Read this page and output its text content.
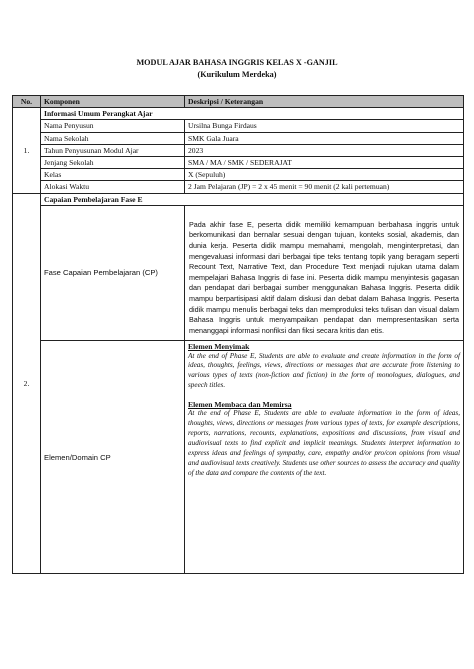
MODUL AJAR BAHASA INGGRIS KELAS X -GANJIL
(Kurikulum Merdeka)
No.	Komponen	Deskripsi / Keterangan
1.	Informasi Umum Perangkat Ajar	
	Nama Penyusun	Ursilna Bunga Firdaus
	Nama Sekolah	SMK Gala Juara
	Tahun Penyusunan Modul Ajar	2023
	Jenjang Sekolah	SMA / MA / SMK / SEDERAJAT
	Kelas	X (Sepuluh)
	Alokasi Waktu	2 Jam Pelajaran (JP) = 2 x 45 menit = 90 menit (2 kali pertemuan)
2.	Capaian Pembelajaran Fase E	
	Fase Capaian Pembelajaran (CP)	Pada akhir fase E, peserta didik memiliki kemampuan berbahasa inggris untuk berkomunikasi dan bernalar sesuai dengan tujuan, konteks sosial, akademis, dan dunia kerja. Peserta didik mampu memahami, mengolah, menginterpretasi, dan mengevaluasi informasi dari berbagai tipe teks tentang topik yang beragam seperti Recount Text, Narrative Text, dan Procedure Text menjadi rujukan utama dalam mempelajari Bahasa Inggris di fase ini. Peserta didik mampu menyintesis gagasan dan pendapat dari berbagai sumber menggunakan Bahasa Inggris. Peserta didik mampu berpartisipasi aktif dalam diskusi dan debat dalam Bahasa Inggris. Peserta didik mampu menulis berbagai teks dan memproduksi teks tulisan dan visual dalam Bahasa Inggris untuk menyampaikan pendapat dan mempresentasikan serta menanggapi informasi nonfiksi dan fiksi secara kritis dan etis.
	Elemen/Domain CP	Elemen Menyimak
At the end of Phase E, Students are able to evaluate and create information in the form of ideas, thoughts, feelings, views, directions or messages that are accurate from listening to various types of texts (non-fiction and fiction) in the form of monologues, dialogues, and speech titles.
Elemen Membaca dan Memirsa
At the end of Phase E, Students are able to evaluate information in the form of ideas, thoughts, views, directions or messages from various types of texts, for example descriptions, reports, narrations, recounts, explanations, expositions and discussions, from visual and audiovisual texts to find explicit and implicit meanings. Students interpret information to express ideas and feelings of sympathy, care, empathy and/or pro/con opinions from visual and audiovisual texts creatively. Students use other sources to assess the accuracy and quality of the data and compare the contents of the text.
